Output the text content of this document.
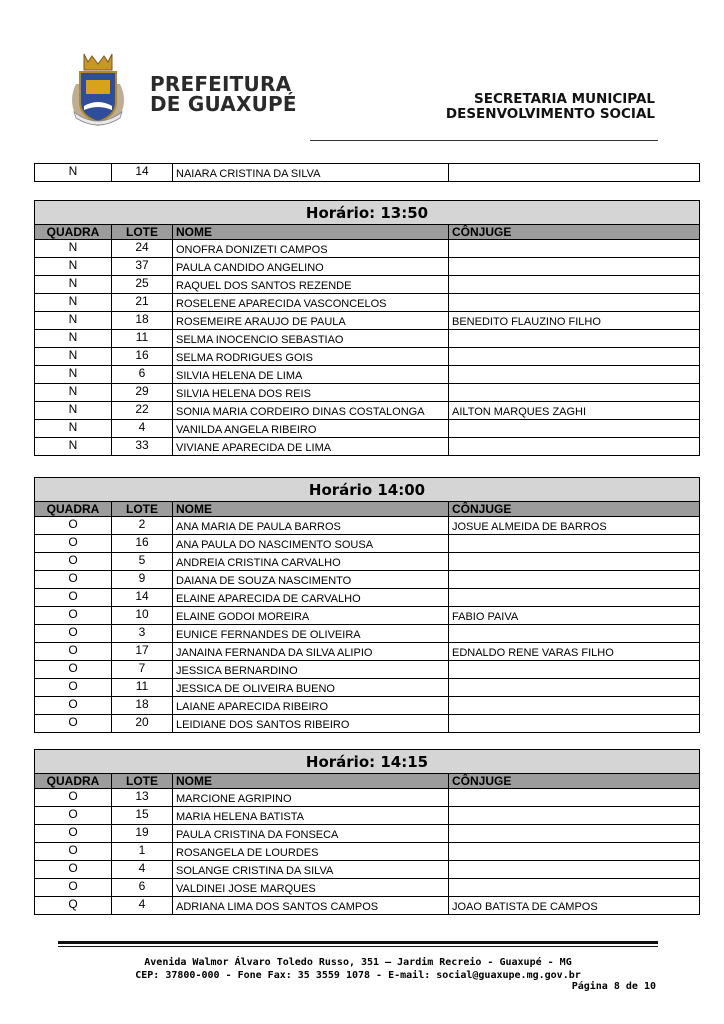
PREFEITURA
DE GUAXUPÉ	SECRETARIA MUNICIPAL
DESENVOLVIMENTO SOCIAL
N	14	NAIARA CRISTINA DA SILVA	
Horário: 13:50			
QUADRA	LOTE	NOME	CÔNJUGE
N	24	ONOFRA DONIZETI CAMPOS	
N	37	PAULA CANDIDO ANGELINO	
N	25	RAQUEL DOS SANTOS REZENDE	
N	21	ROSELENE APARECIDA VASCONCELOS	
N	18	ROSEMEIRE ARAUJO DE PAULA	BENEDITO FLAUZINO FILHO
N	11	SELMA INOCENCIO SEBASTIAO	
N	16	SELMA RODRIGUES GOIS	
N	6	SILVIA HELENA DE LIMA	
N	29	SILVIA HELENA DOS REIS	
N	22	SONIA MARIA CORDEIRO DINAS COSTALONGA	AILTON MARQUES ZAGHI
N	4	VANILDA ANGELA RIBEIRO	
N	33	VIVIANE APARECIDA DE LIMA	
Horário 14:00			
QUADRA	LOTE	NOME	CÔNJUGE
O	2	ANA MARIA DE PAULA BARROS	JOSUE ALMEIDA DE BARROS
O	16	ANA PAULA DO NASCIMENTO SOUSA	
O	5	ANDREIA CRISTINA CARVALHO	
O	9	DAIANA DE SOUZA NASCIMENTO	
O	14	ELAINE APARECIDA DE CARVALHO	
O	10	ELAINE GODOI MOREIRA	FABIO PAIVA
O	3	EUNICE FERNANDES DE OLIVEIRA	
O	17	JANAINA FERNANDA DA SILVA ALIPIO	EDNALDO RENE VARAS FILHO
O	7	JESSICA BERNARDINO	
O	11	JESSICA DE OLIVEIRA BUENO	
O	18	LAIANE APARECIDA RIBEIRO	
O	20	LEIDIANE DOS SANTOS RIBEIRO	
Horário: 14:15			
QUADRA	LOTE	NOME	CÔNJUGE
O	13	MARCIONE AGRIPINO	
O	15	MARIA HELENA BATISTA	
O	19	PAULA CRISTINA DA FONSECA	
O	1	ROSANGELA DE LOURDES	
O	4	SOLANGE CRISTINA DA SILVA	
O	6	VALDINEI JOSE MARQUES	
Q	4	ADRIANA LIMA DOS SANTOS CAMPOS	JOAO BATISTA DE CAMPOS
Avenida Walmor Álvaro Toledo Russo, 351 – Jardim Recreio - Guaxupé - MG
CEP: 37800-000 - Fone Fax: 35 3559 1078 - E-mail: social@guaxupe.mg.gov.br
Página 8 de 10
